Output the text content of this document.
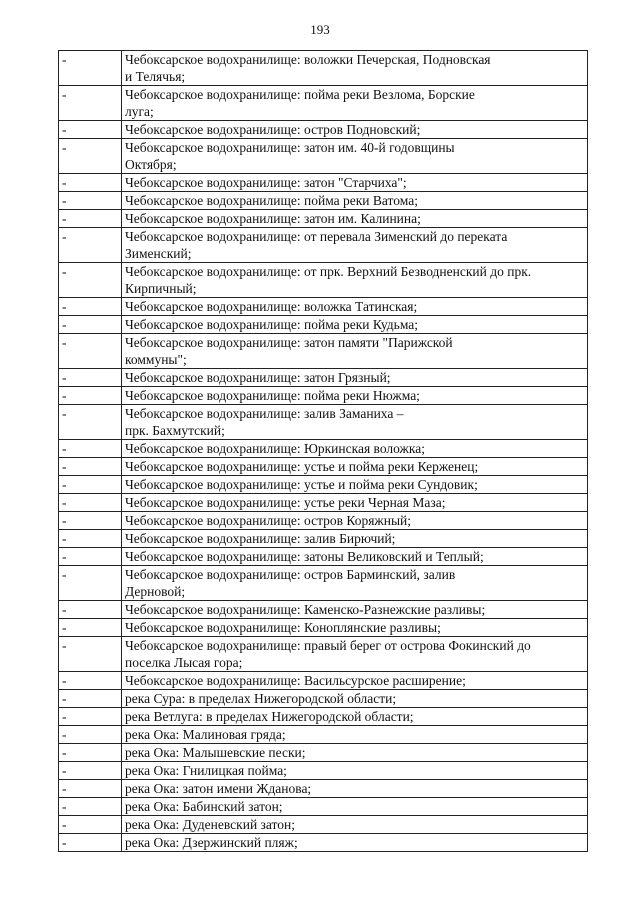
193
-	Чебоксарское водохранилище: воложки Печерская, Подновская
и Телячья;
-	Чебоксарское водохранилище: пойма реки Везлома, Борские
луга;
-	Чебоксарское водохранилище: остров Подновский;
-	Чебоксарское водохранилище: затон им. 40-й годовщины
Октября;
-	Чебоксарское водохранилище: затон "Старчиха";
-	Чебоксарское водохранилище: пойма реки Ватома;
-	Чебоксарское водохранилище: затон им. Калинина;
-	Чебоксарское водохранилище: от перевала Зименский до переката
Зименский;
-	Чебоксарское водохранилище: от прк. Верхний Безводненский до прк.
Кирпичный;
-	Чебоксарское водохранилище: воложка Татинская;
-	Чебоксарское водохранилище: пойма реки Кудьма;
-	Чебоксарское водохранилище: затон памяти "Парижской
коммуны";
-	Чебоксарское водохранилище: затон Грязный;
-	Чебоксарское водохранилище: пойма реки Нюжма;
-	Чебоксарское водохранилище: залив Заманиха –
прк. Бахмутский;
-	Чебоксарское водохранилище: Юркинская воложка;
-	Чебоксарское водохранилище: устье и пойма реки Керженец;
-	Чебоксарское водохранилище: устье и пойма реки Сундовик;
-	Чебоксарское водохранилище: устье реки Черная Маза;
-	Чебоксарское водохранилище: остров Коряжный;
-	Чебоксарское водохранилище: залив Бирючий;
-	Чебоксарское водохранилище: затоны Великовский и Теплый;
-	Чебоксарское водохранилище: остров Барминский, залив
Дерновой;
-	Чебоксарское водохранилище: Каменско-Разнежские разливы;
-	Чебоксарское водохранилище: Коноплянские разливы;
-	Чебоксарское водохранилище: правый берег от острова Фокинский до
поселка Лысая гора;
-	Чебоксарское водохранилище: Васильсурское расширение;
-	река Сура: в пределах Нижегородской области;
-	река Ветлуга: в пределах Нижегородской области;
-	река Ока: Малиновая гряда;
-	река Ока: Малышевские пески;
-	река Ока: Гнилицкая пойма;
-	река Ока: затон имени Жданова;
-	река Ока: Бабинский затон;
-	река Ока: Дуденевский затон;
-	река Ока: Дзержинский пляж;
